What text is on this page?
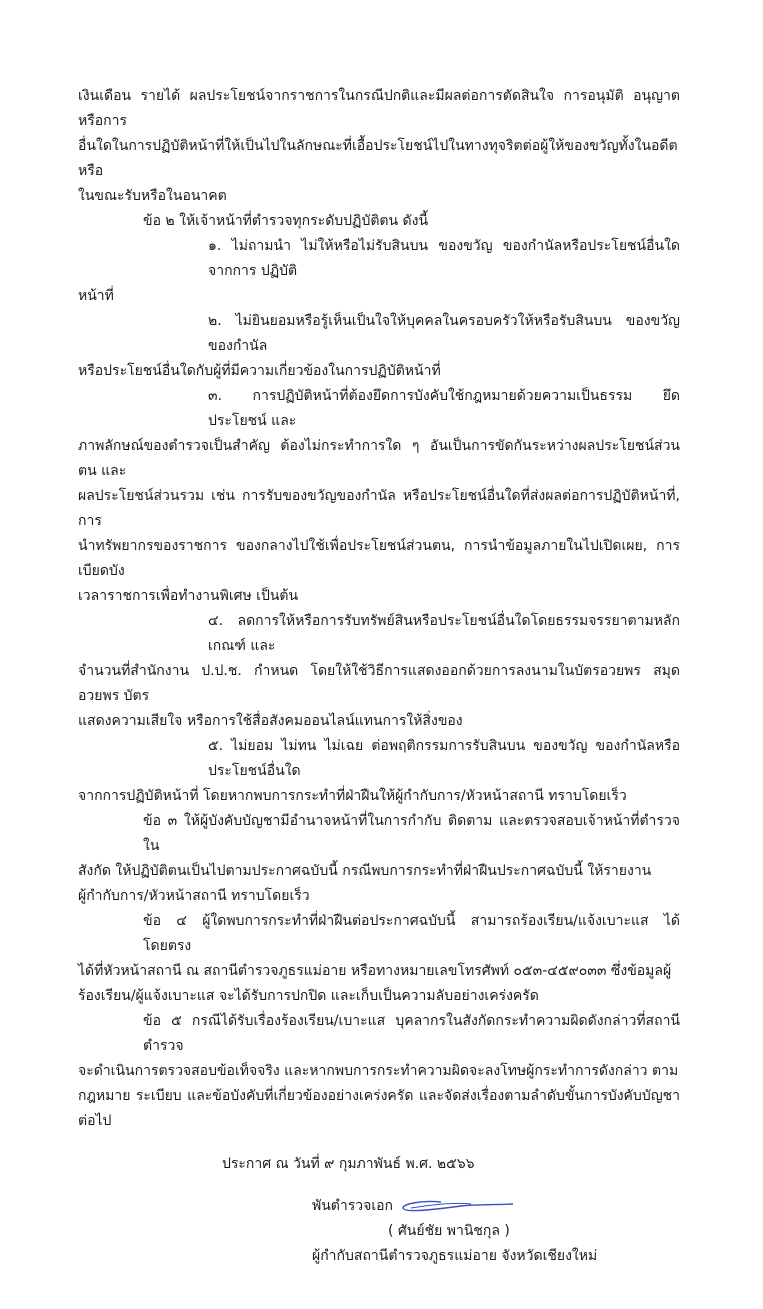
เงินเดือน รายได้ ผลประโยชน์จากราชการในกรณีปกติและมีผลต่อการตัดสินใจ การอนุมัติ อนุญาต หรือการ
อื่นใดในการปฏิบัติหน้าที่ให้เป็นไปในลักษณะที่เอื้อประโยชน์ไปในทางทุจริตต่อผู้ให้ของขวัญทั้งในอดีตหรือ
ในขณะรับหรือในอนาคต
ข้อ ๒ ให้เจ้าหน้าที่ตำรวจทุกระดับปฏิบัติตน ดังนี้
๑. ไม่ถามนำ ไม่ให้หรือไม่รับสินบน ของขวัญ ของกำนัลหรือประโยชน์อื่นใดจากการ ปฏิบัติ
หน้าที่
๒. ไม่ยินยอมหรือรู้เห็นเป็นใจให้บุคคลในครอบครัวให้หรือรับสินบน ของขวัญ ของกำนัล
หรือประโยชน์อื่นใดกับผู้ที่มีความเกี่ยวข้องในการปฏิบัติหน้าที่
๓. การปฏิบัติหน้าที่ต้องยึดการบังคับใช้กฎหมายด้วยความเป็นธรรม ยึดประโยชน์ และ
ภาพลักษณ์ของตำรวจเป็นสำคัญ ต้องไม่กระทำการใด ๆ อันเป็นการขัดกันระหว่างผลประโยชน์ส่วนตน และ
ผลประโยชน์ส่วนรวม เช่น การรับของขวัญของกำนัล หรือประโยชน์อื่นใดที่ส่งผลต่อการปฏิบัติหน้าที่, การ
นำทรัพยากรของราชการ ของกลางไปใช้เพื่อประโยชน์ส่วนตน, การนำข้อมูลภายในไปเปิดเผย, การเบียดบัง
เวลาราชการเพื่อทำงานพิเศษ เป็นต้น
๔. ลดการให้หรือการรับทรัพย์สินหรือประโยชน์อื่นใดโดยธรรมจรรยาตามหลักเกณฑ์ และ
จำนวนที่สำนักงาน ป.ป.ช. กำหนด โดยให้ใช้วิธีการแสดงออกด้วยการลงนามในบัตรอวยพร สมุดอวยพร บัตร
แสดงความเสียใจ หรือการใช้สื่อสังคมออนไลน์แทนการให้สิ่งของ
๕. ไม่ยอม ไม่ทน ไม่เฉย ต่อพฤติกรรมการรับสินบน ของขวัญ ของกำนัลหรือประโยชน์อื่นใด
จากการปฏิบัติหน้าที่ โดยหากพบการกระทำที่ฝ่าฝืนให้ผู้กำกับการ/หัวหน้าสถานี ทราบโดยเร็ว
ข้อ ๓ ให้ผู้บังคับบัญชามีอำนาจหน้าที่ในการกำกับ ติดตาม และตรวจสอบเจ้าหน้าที่ตำรวจใน
สังกัด ให้ปฏิบัติตนเป็นไปตามประกาศฉบับนี้ กรณีพบการกระทำที่ฝ่าฝืนประกาศฉบับนี้ ให้รายงาน
ผู้กำกับการ/หัวหน้าสถานี ทราบโดยเร็ว
ข้อ ๔ ผู้ใดพบการกระทำที่ฝ่าฝืนต่อประกาศฉบับนี้ สามารถร้องเรียน/แจ้งเบาะแส ได้โดยตรง
ได้ที่หัวหน้าสถานี ณ สถานีตำรวจภูธรแม่อาย หรือทางหมายเลขโทรศัพท์ ๐๕๓-๔๕๙๐๓๓ ซึ่งข้อมูลผู้
ร้องเรียน/ผู้แจ้งเบาะแส จะได้รับการปกปิด และเก็บเป็นความลับอย่างเคร่งครัด
ข้อ ๕ กรณีได้รับเรื่องร้องเรียน/เบาะแส บุคลากรในสังกัดกระทำความผิดดังกล่าวที่สถานีตำรวจ
จะดำเนินการตรวจสอบข้อเท็จจริง และหากพบการกระทำความผิดจะลงโทษผู้กระทำการดังกล่าว ตาม
กฎหมาย ระเบียบ และข้อบังคับที่เกี่ยวข้องอย่างเคร่งครัด และจัดส่งเรื่องตามลำดับขั้นการบังคับบัญชาต่อไป
ประกาศ ณ วันที่ ๙ กุมภาพันธ์ พ.ศ. ๒๕๖๖
พันตำรวจเอก
( ศันย์ชัย พานิชกุล )
ผู้กำกับสถานีตำรวจภูธรแม่อาย จังหวัดเชียงใหม่
